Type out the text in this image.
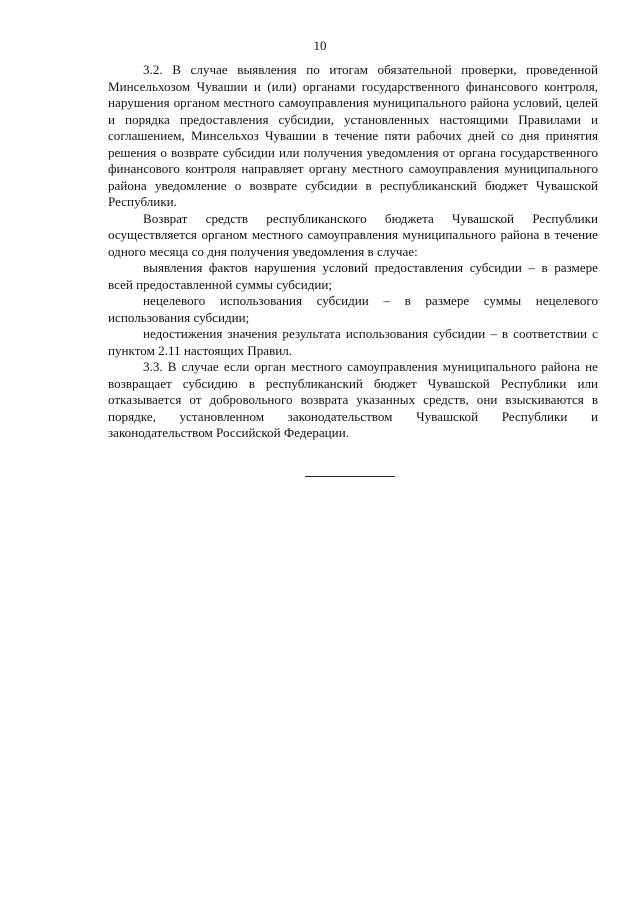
10

3.2. В случае выявления по итогам обязательной проверки, проведенной Минсельхозом Чувашии и (или) органами государственного финансового контроля, нарушения органом местного самоуправления муниципального района условий, целей и порядка предоставления субсидии, установленных настоящими Правилами и соглашением, Минсельхоз Чувашии в течение пяти рабочих дней со дня принятия решения о возврате субсидии или получения уведомления от органа государственного финансового контроля направляет органу местного самоуправления муниципального района уведомление о возврате субсидии в республиканский бюджет Чувашской Республики.

Возврат средств республиканского бюджета Чувашской Республики осуществляется органом местного самоуправления муниципального района в течение одного месяца со дня получения уведомления в случае:

выявления фактов нарушения условий предоставления субсидии – в размере всей предоставленной суммы субсидии;

нецелевого использования субсидии – в размере суммы нецелевого использования субсидии;

недостижения значения результата использования субсидии – в соответствии с пунктом 2.11 настоящих Правил.

3.3. В случае если орган местного самоуправления муниципального района не возвращает субсидию в республиканский бюджет Чувашской Республики или отказывается от добровольного возврата указанных средств, они взыскиваются в порядке, установленном законодательством Чувашской Республики и законодательством Российской Федерации.
